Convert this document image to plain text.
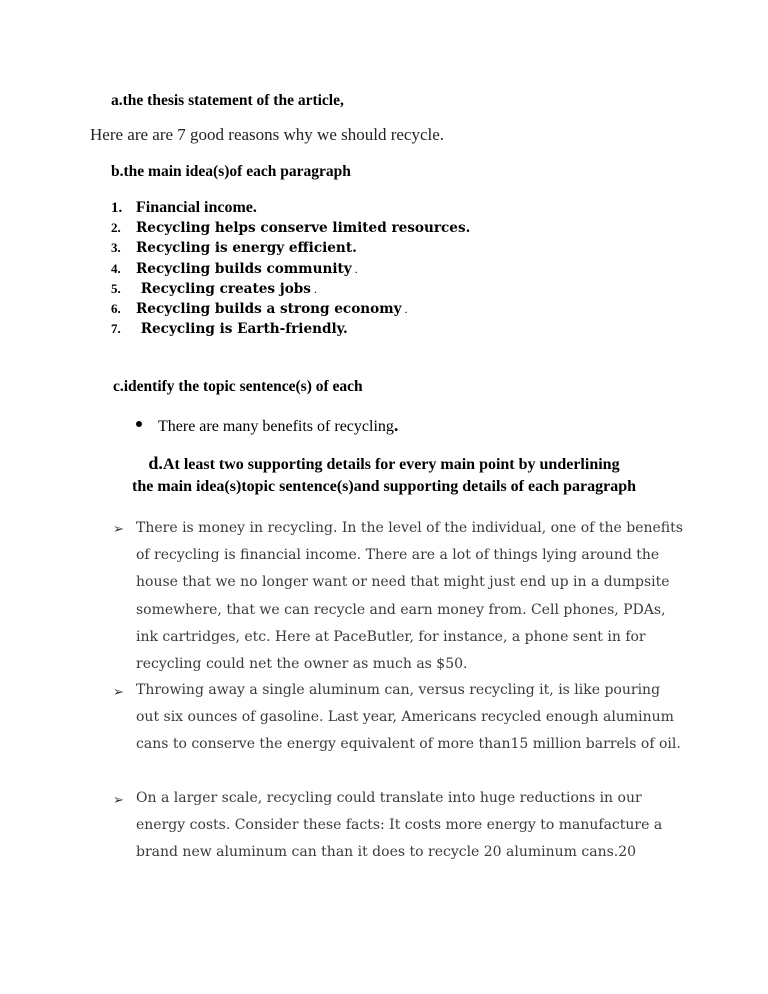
a.the thesis statement of the article,
Here are are 7 good reasons why we should recycle.
b.the main idea(s)of each paragraph
1. Financial income.
2. Recycling helps conserve limited resources.
3. Recycling is energy efficient.
4. Recycling builds community .
5. Recycling creates jobs .
6. Recycling builds a strong economy .
7. Recycling is Earth-friendly.
c.identify the topic sentence(s) of each
There are many benefits of recycling.
d.At least two supporting details for every main point by underlining
the main idea(s)topic sentence(s)and supporting details of each paragraph
➢ There is money in recycling. In the level of the individual, one of the benefits of recycling is financial income. There are a lot of things lying around the house that we no longer want or need that might just end up in a dumpsite somewhere, that we can recycle and earn money from. Cell phones, PDAs, ink cartridges, etc. Here at PaceButler, for instance, a phone sent in for recycling could net the owner as much as $50.

➢ Throwing away a single aluminum can, versus recycling it, is like pouring out six ounces of gasoline. Last year, Americans recycled enough aluminum cans to conserve the energy equivalent of more than15 million barrels of oil.

➢ On a larger scale, recycling could translate into huge reductions in our energy costs. Consider these facts: It costs more energy to manufacture a brand new aluminum can than it does to recycle 20 aluminum cans.20
